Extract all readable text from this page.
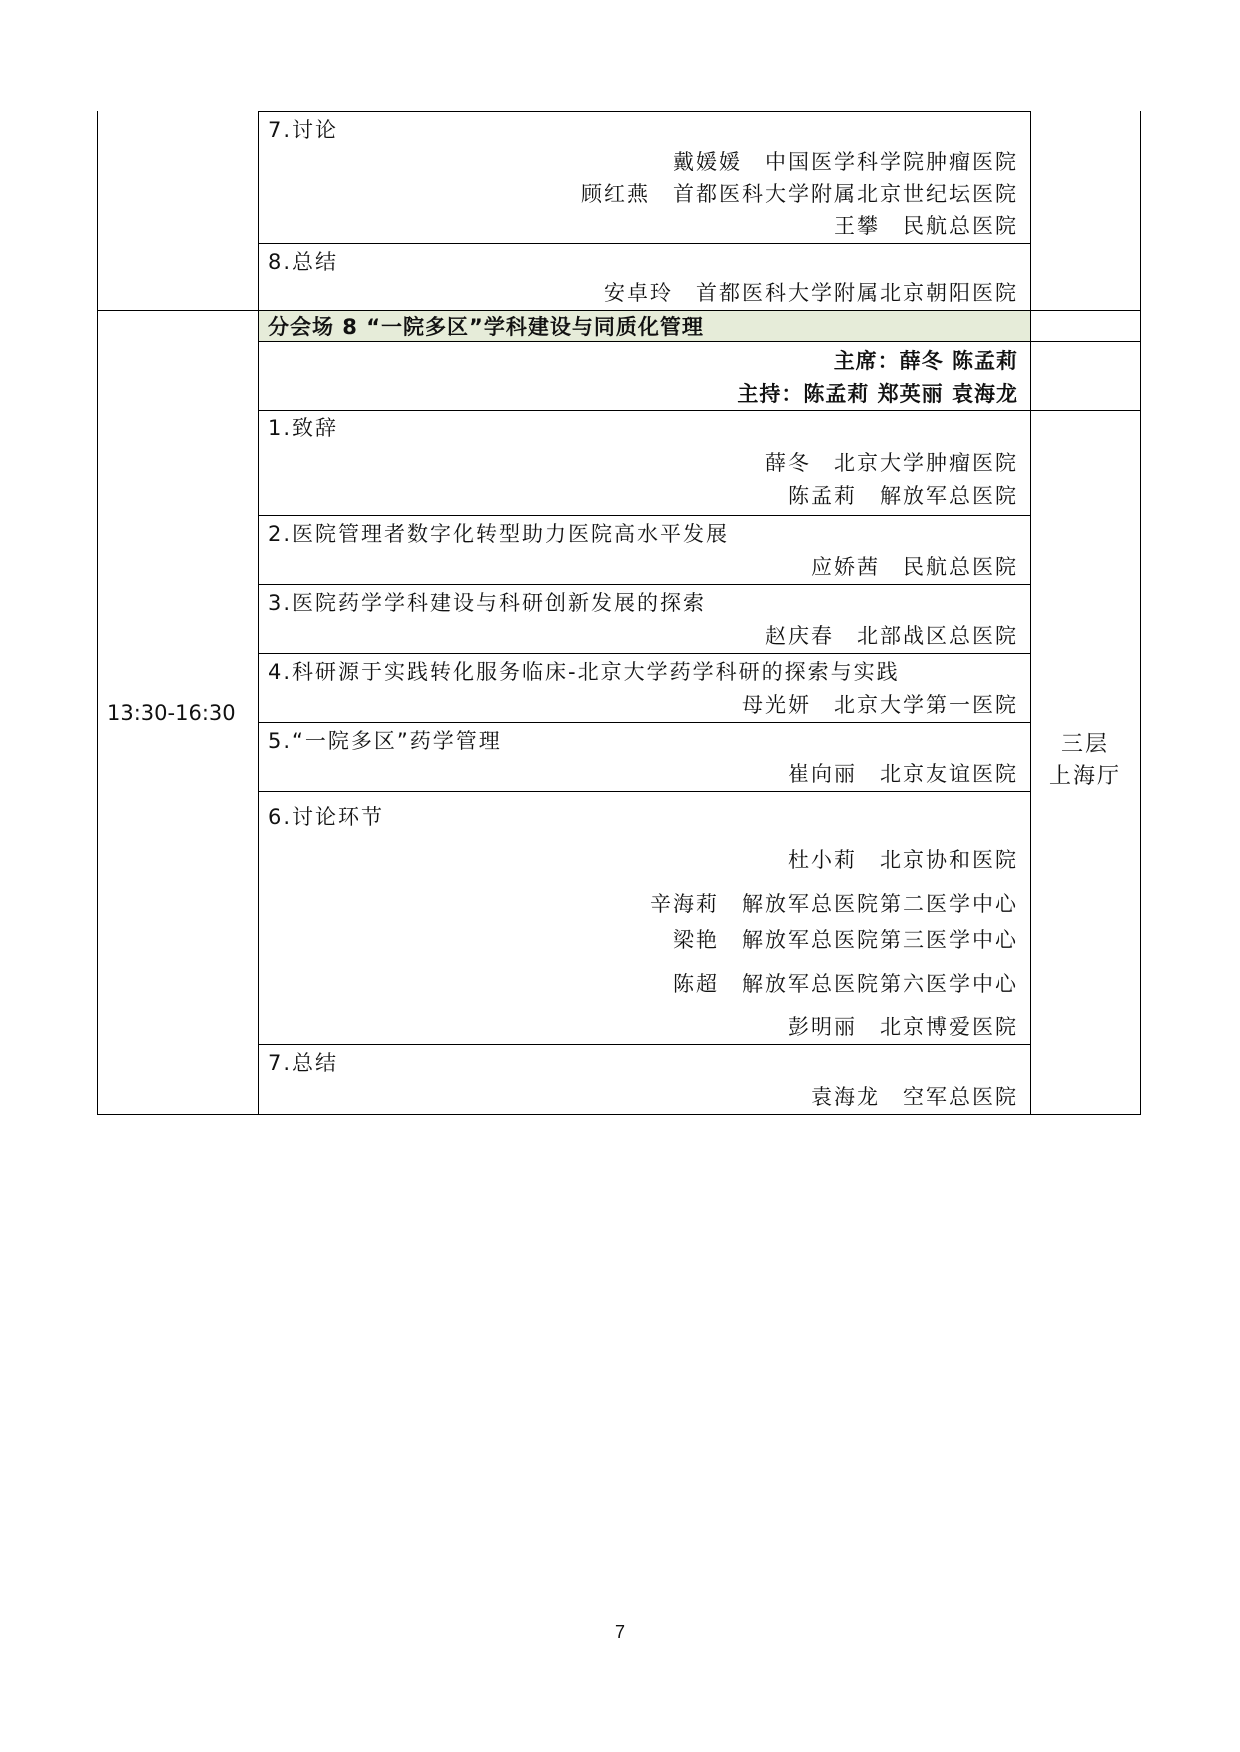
7.讨论
戴媛媛　中国医学科学院肿瘤医院
顾红燕　首都医科大学附属北京世纪坛医院
王攀　民航总医院
8.总结
安卓玲　首都医科大学附属北京朝阳医院
分会场 8 “一院多区”学科建设与同质化管理
主席：薛冬 陈孟莉
主持：陈孟莉 郑英丽 袁海龙
13:30-16:30
三层
上海厅
1.致辞
薛冬　北京大学肿瘤医院
陈孟莉　解放军总医院
2.医院管理者数字化转型助力医院高水平发展
应娇茜　民航总医院
3.医院药学学科建设与科研创新发展的探索
赵庆春　北部战区总医院
4.科研源于实践转化服务临床-北京大学药学科研的探索与实践
母光妍　北京大学第一医院
5.“一院多区”药学管理
崔向丽　北京友谊医院
6.讨论环节
杜小莉　北京协和医院
辛海莉　解放军总医院第二医学中心
梁艳　解放军总医院第三医学中心
陈超　解放军总医院第六医学中心
彭明丽　北京博爱医院
7.总结
袁海龙　空军总医院
7
